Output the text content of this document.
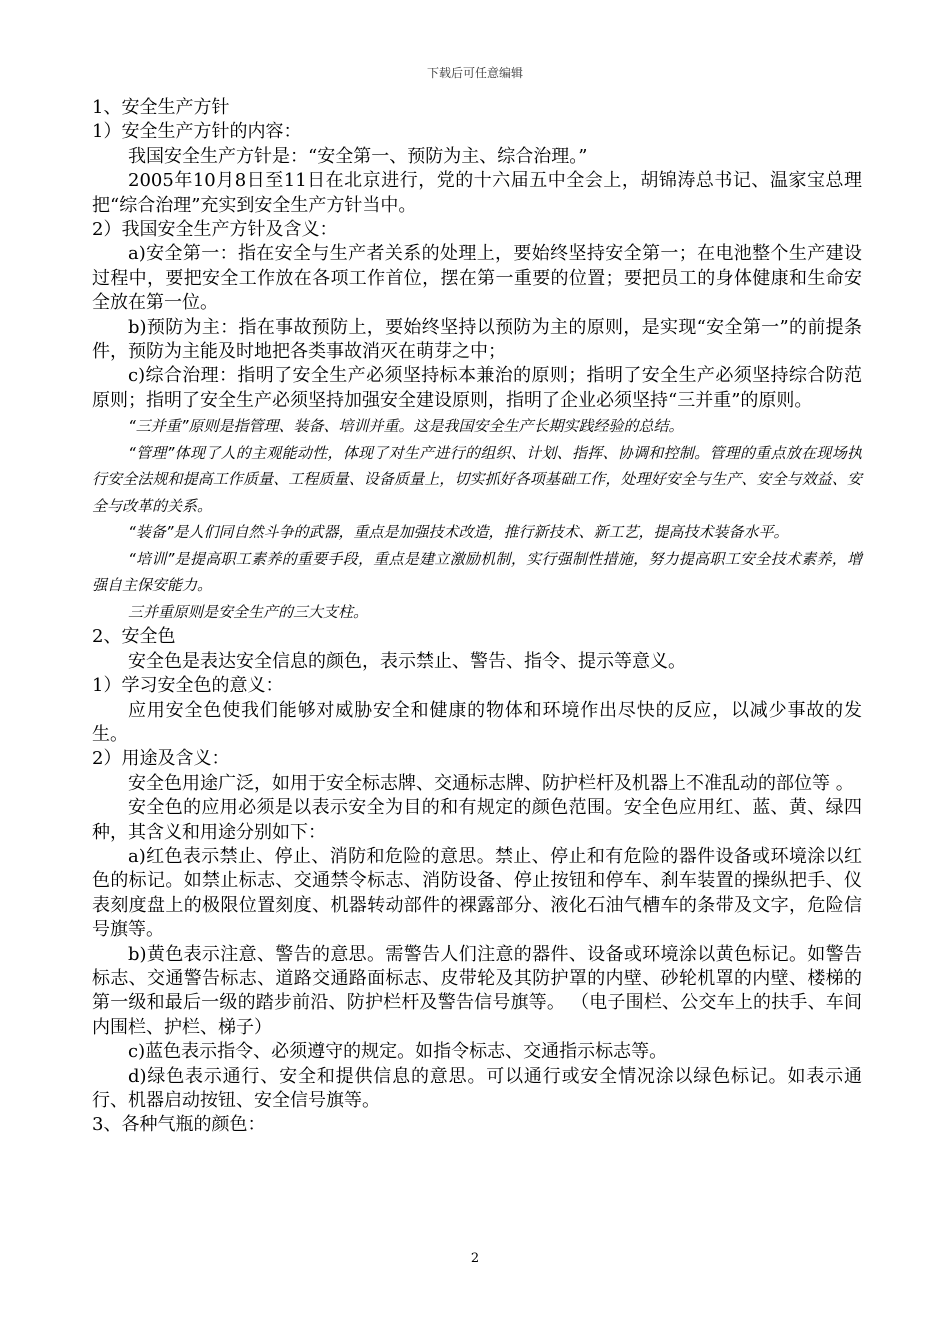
下载后可任意编辑

1、安全生产方针

1）安全生产方针的内容：

我国安全生产方针是：“安全第一、预防为主、综合治理。”

2005年10月8日至11日在北京进行，党的十六届五中全会上，胡锦涛总书记、温家宝总理把“综合治理”充实到安全生产方针当中。

2）我国安全生产方针及含义：

a)安全第一：指在安全与生产者关系的处理上，要始终坚持安全第一；在电池整个生产建设过程中，要把安全工作放在各项工作首位，摆在第一重要的位置；要把员工的身体健康和生命安全放在第一位。

b)预防为主：指在事故预防上，要始终坚持以预防为主的原则，是实现“安全第一”的前提条件，预防为主能及时地把各类事故消灭在萌芽之中；

c)综合治理：指明了安全生产必须坚持标本兼治的原则；指明了安全生产必须坚持综合防范原则；指明了安全生产必须坚持加强安全建设原则，指明了企业必须坚持“三并重”的原则。

“三并重”原则是指管理、装备、培训并重。这是我国安全生产长期实践经验的总结。

“管理”体现了人的主观能动性，体现了对生产进行的组织、计划、指挥、协调和控制。管理的重点放在现场执行安全法规和提高工作质量、工程质量、设备质量上，切实抓好各项基础工作，处理好安全与生产、安全与效益、安全与改革的关系。

“装备”是人们同自然斗争的武器，重点是加强技术改造，推行新技术、新工艺，提高技术装备水平。

“培训”是提高职工素养的重要手段，重点是建立激励机制，实行强制性措施，努力提高职工安全技术素养，增强自主保安能力。

三并重原则是安全生产的三大支柱。

2、安全色

安全色是表达安全信息的颜色，表示禁止、警告、指令、提示等意义。

1）学习安全色的意义：

应用安全色使我们能够对威胁安全和健康的物体和环境作出尽快的反应，以减少事故的发生。

2）用途及含义：

安全色用途广泛，如用于安全标志牌、交通标志牌、防护栏杆及机器上不准乱动的部位等 。

安全色的应用必须是以表示安全为目的和有规定的颜色范围。安全色应用红、蓝、黄、绿四种，其含义和用途分别如下：

a)红色表示禁止、停止、消防和危险的意思。禁止、停止和有危险的器件设备或环境涂以红色的标记。如禁止标志、交通禁令标志、消防设备、停止按钮和停车、刹车装置的操纵把手、仪表刻度盘上的极限位置刻度、机器转动部件的裸露部分、液化石油气槽车的条带及文字，危险信号旗等。

b)黄色表示注意、警告的意思。需警告人们注意的器件、设备或环境涂以黄色标记。如警告标志、交通警告标志、道路交通路面标志、皮带轮及其防护罩的内壁、砂轮机罩的内壁、楼梯的第一级和最后一级的踏步前沿、防护栏杆及警告信号旗等。 （电子围栏、公交车上的扶手、车间内围栏、护栏、梯子）

c)蓝色表示指令、必须遵守的规定。如指令标志、交通指示标志等。

d)绿色表示通行、安全和提供信息的意思。可以通行或安全情况涂以绿色标记。如表示通行、机器启动按钮、安全信号旗等。

3、各种气瓶的颜色：

2
